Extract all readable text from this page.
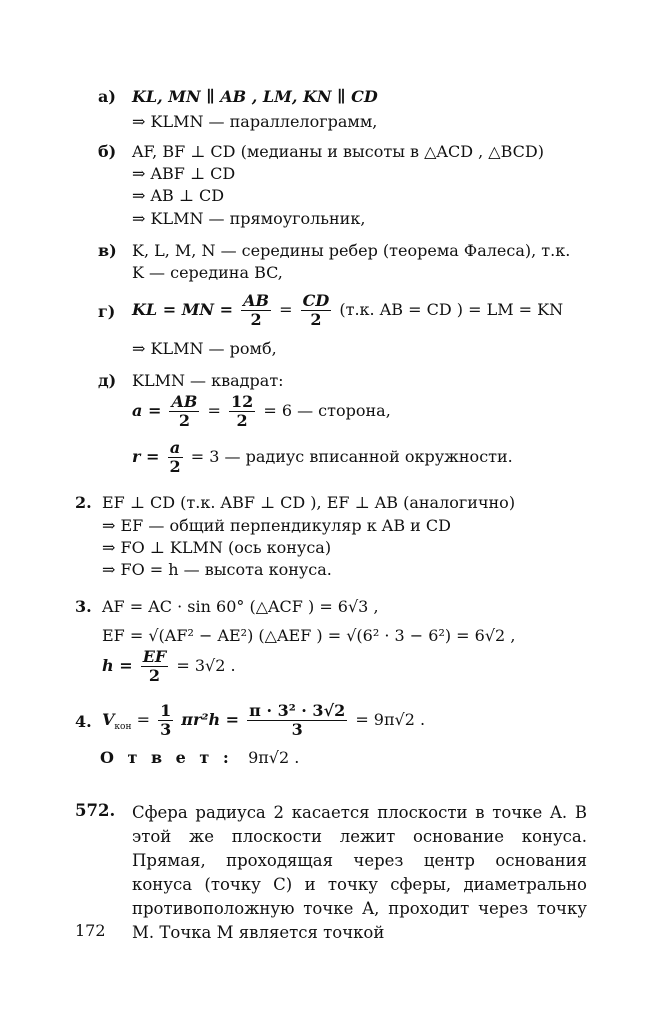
а) KL, MN ∥ AB , LM, KN ∥ CD
⇒ KLMN — параллелограмм,
б) AF, BF ⊥ CD (медианы и высоты в △ACD , △BCD)
⇒ ABF ⊥ CD
⇒ AB ⊥ CD
⇒ KLMN — прямоугольник,
в) K, L, M, N — середины ребер (теорема Фалеса), т.к.
K — середина BC,
г) KL = MN = $\frac{AB}{2} = \frac{CD}{2} (т.к$. AB = CD ) = LM = KN
⇒ KLMN — ромб,
д) KLMN — квадрат:
$a = \frac{AB}{2} = \frac{12}{2} = 6$ — сторона,
$r = \frac{a}{2} = 3$ — радиус вписанной окружности.
2. EF ⊥ CD (т.к. ABF ⊥ CD ), EF ⊥ AB (аналогично)
⇒ EF — общий перпендикуляр к AB и CD
⇒ FO ⊥ KLMN (ось конуса)
⇒ FO = h — высота конуса.
3. AF = AC · sin 60° (△ACF ) = 6√3 ,
EF = √(AF² − AE²) (△AEF ) = √(6² · 3 − 6²) = 6√2 ,
$h = \frac{EF}{2} = 3√2$ .
4. $V_{кон} = \frac{1}{3} \pi r^2h = \frac{\text{π · 3² · 3√2}}{3} = 9\pi√2$ .
О т в е т : 9π√2 .
572. Сфера радиуса 2 касается плоскости в точке A. В этой же плоскости лежит основание конуса. Прямая, проходящая через центр основания конуса (точку C) и точку сферы, диаметрально противоположную точке A, проходит через точку M. Точка M является точкой
172
